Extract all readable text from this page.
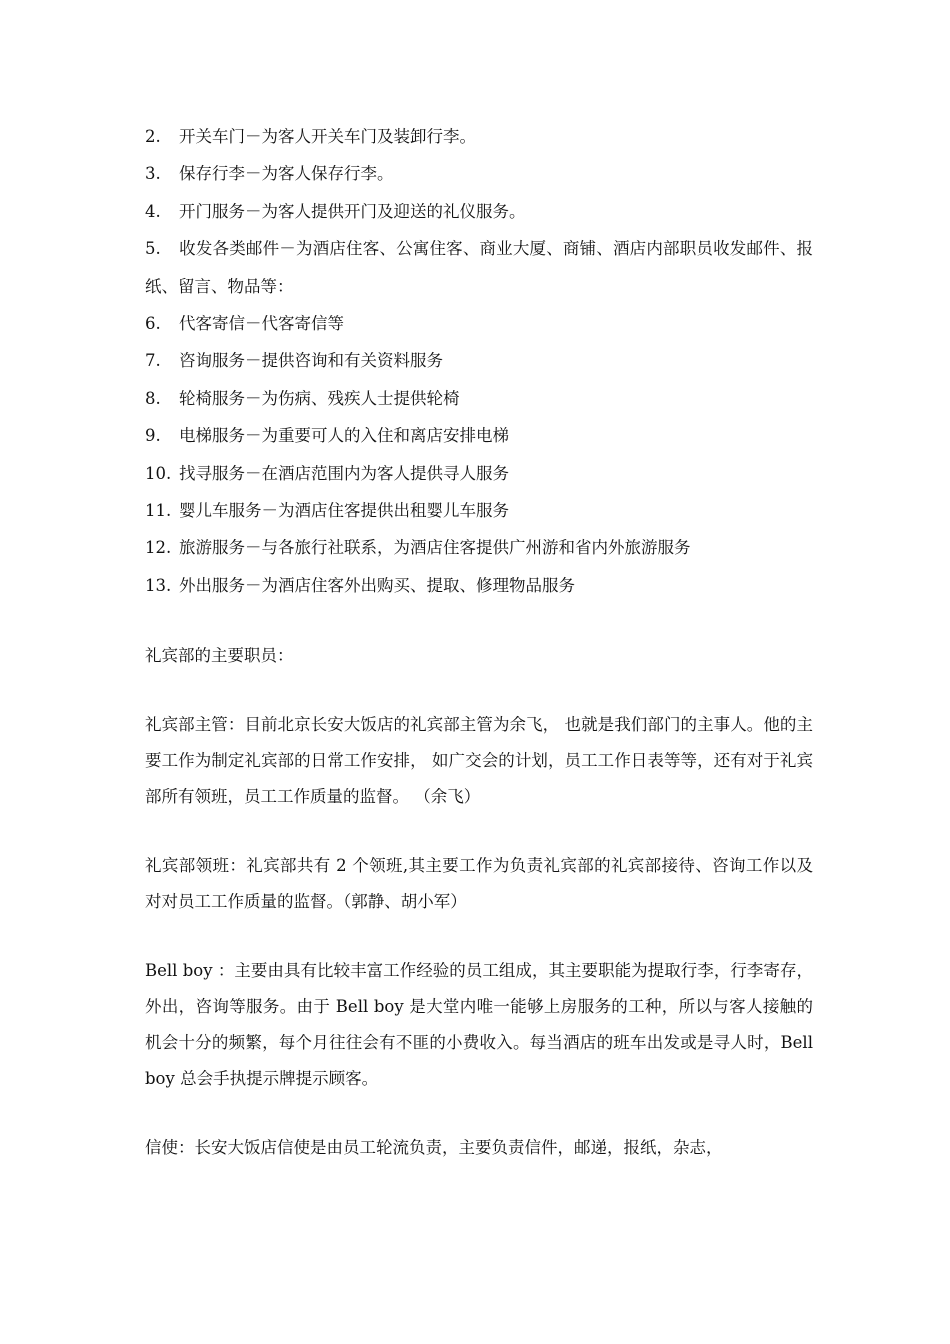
2. 开关车门－为客人开关车门及装卸行李。
3. 保存行李－为客人保存行李。
4. 开门服务－为客人提供开门及迎送的礼仪服务。
5. 收发各类邮件－为酒店住客、公寓住客、商业大厦、商铺、酒店内部职员收发邮件、报纸、留言、物品等：
6. 代客寄信－代客寄信等
7. 咨询服务－提供咨询和有关资料服务
8. 轮椅服务－为伤病、残疾人士提供轮椅
9. 电梯服务－为重要可人的入住和离店安排电梯
10. 找寻服务－在酒店范围内为客人提供寻人服务
11. 婴儿车服务－为酒店住客提供出租婴儿车服务
12. 旅游服务－与各旅行社联系，为酒店住客提供广州游和省内外旅游服务
13. 外出服务－为酒店住客外出购买、提取、修理物品服务
礼宾部的主要职员：

礼宾部主管：目前北京长安大饭店的礼宾部主管为余飞， 也就是我们部门的主事人。他的主要工作为制定礼宾部的日常工作安排， 如广交会的计划，员工工作日表等等，还有对于礼宾部所有领班，员工工作质量的监督。 （余飞）

礼宾部领班：礼宾部共有 2 个领班,其主要工作为负责礼宾部的礼宾部接待、咨询工作以及对对员工工作质量的监督。（郭静、胡小军）

Bell boy ：主要由具有比较丰富工作经验的员工组成，其主要职能为提取行李，行李寄存，外出，咨询等服务。由于 Bell boy 是大堂内唯一能够上房服务的工种，所以与客人接触的机会十分的频繁，每个月往往会有不匪的小费收入。每当酒店的班车出发或是寻人时，Bellboy 总会手执提示牌提示顾客。

信使：长安大饭店信使是由员工轮流负责，主要负责信件，邮递，报纸，杂志，
